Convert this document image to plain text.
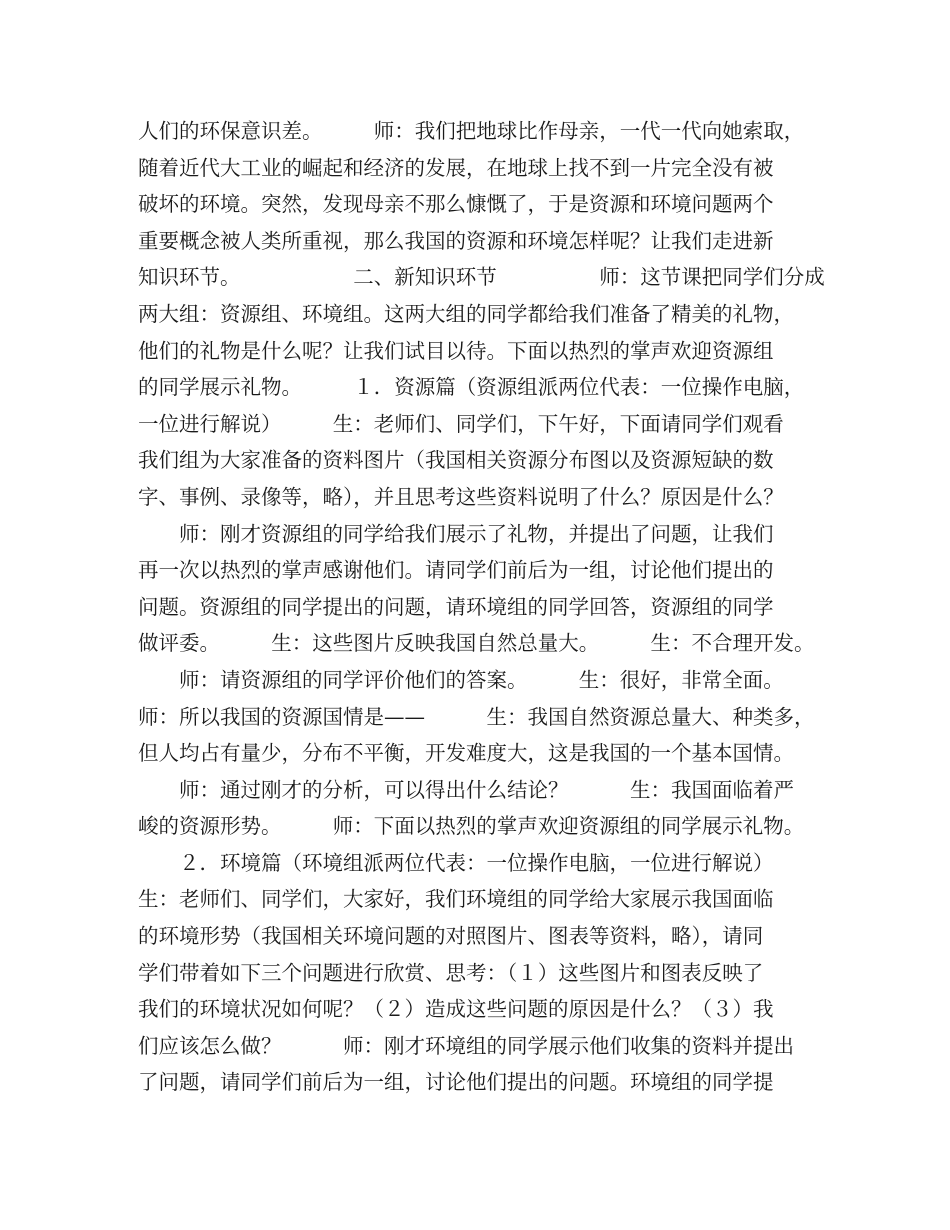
人们的环保意识差。　　　师：我们把地球比作母亲，一代一代向她索取，
随着近代大工业的崛起和经济的发展，在地球上找不到一片完全没有被
破坏的环境。突然，发现母亲不那么慷慨了，于是资源和环境问题两个
重要概念被人类所重视，那么我国的资源和环境怎样呢？让我们走进新
知识环节。　　　　　　二、新知识环节　　　　　师：这节课把同学们分成
两大组：资源组、环境组。这两大组的同学都给我们准备了精美的礼物，
他们的礼物是什么呢？让我们试目以待。下面以热烈的掌声欢迎资源组
的同学展示礼物。　　　１．资源篇（资源组派两位代表：一位操作电脑，
一位进行解说）　　　生：老师们、同学们，下午好，下面请同学们观看
我们组为大家准备的资料图片（我国相关资源分布图以及资源短缺的数
字、事例、录像等，略），并且思考这些资料说明了什么？原因是什么？
　　师：刚才资源组的同学给我们展示了礼物，并提出了问题，让我们
再一次以热烈的掌声感谢他们。请同学们前后为一组，讨论他们提出的
问题。资源组的同学提出的问题，请环境组的同学回答，资源组的同学
做评委。　　　生：这些图片反映我国自然总量大。　　　生：不合理开发。
　　师：请资源组的同学评价他们的答案。　　　生：很好，非常全面。
师：所以我国的资源国情是——　　　生：我国自然资源总量大、种类多，
但人均占有量少，分布不平衡，开发难度大，这是我国的一个基本国情。
　　师：通过刚才的分析，可以得出什么结论？　　　生：我国面临着严
峻的资源形势。　　　师：下面以热烈的掌声欢迎资源组的同学展示礼物。
　　２．环境篇（环境组派两位代表：一位操作电脑，一位进行解说）
生：老师们、同学们，大家好，我们环境组的同学给大家展示我国面临
的环境形势（我国相关环境问题的对照图片、图表等资料，略），请同
学们带着如下三个问题进行欣赏、思考：（１）这些图片和图表反映了
我们的环境状况如何呢？（２）造成这些问题的原因是什么？（３）我
们应该怎么做？　　　师：刚才环境组的同学展示他们收集的资料并提出
了问题，请同学们前后为一组，讨论他们提出的问题。环境组的同学提
